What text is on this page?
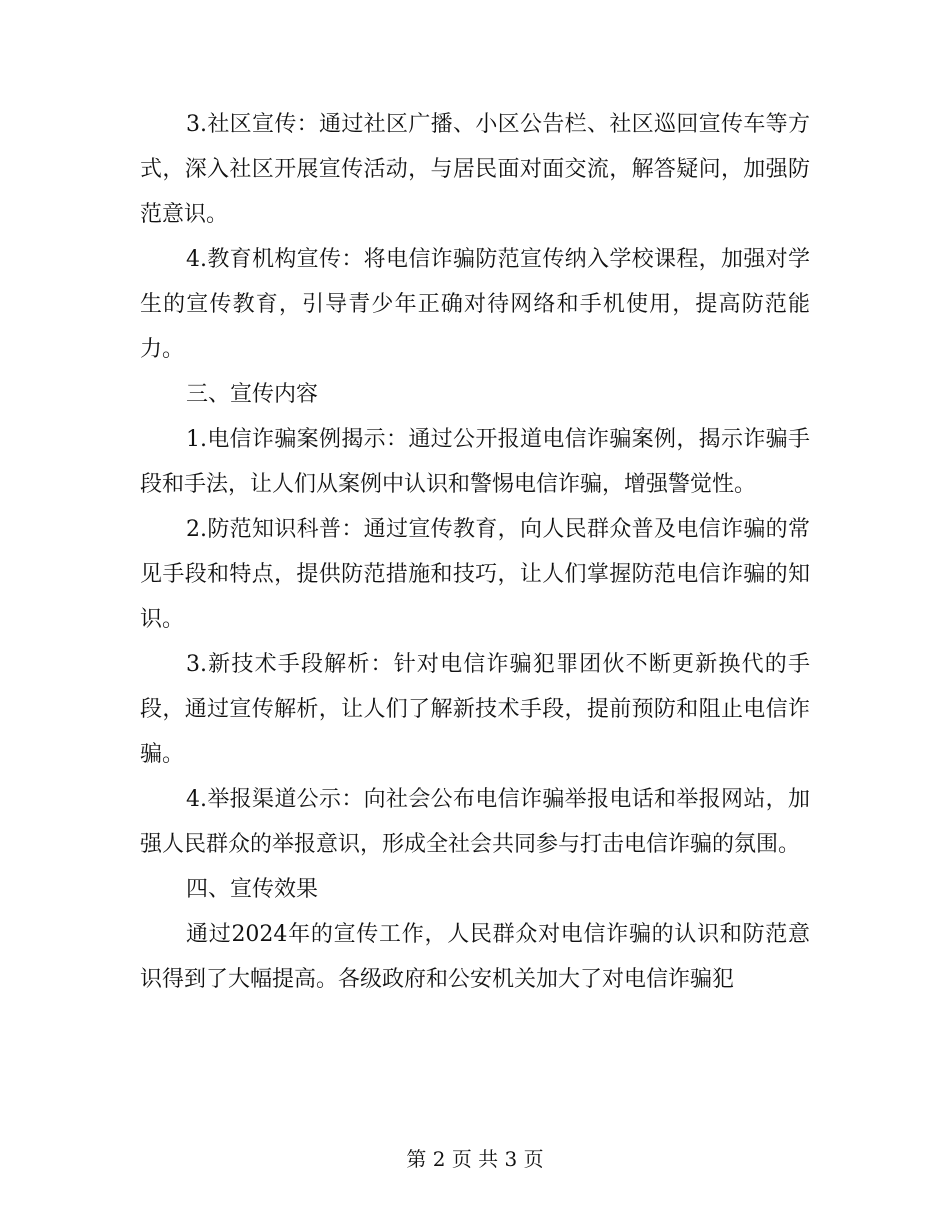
3.社区宣传：通过社区广播、小区公告栏、社区巡回宣传车等方式，深入社区开展宣传活动，与居民面对面交流，解答疑问，加强防范意识。

4.教育机构宣传：将电信诈骗防范宣传纳入学校课程，加强对学生的宣传教育，引导青少年正确对待网络和手机使用，提高防范能力。

三、宣传内容

1.电信诈骗案例揭示：通过公开报道电信诈骗案例，揭示诈骗手段和手法，让人们从案例中认识和警惕电信诈骗，增强警觉性。

2.防范知识科普：通过宣传教育，向人民群众普及电信诈骗的常见手段和特点，提供防范措施和技巧，让人们掌握防范电信诈骗的知识。

3.新技术手段解析：针对电信诈骗犯罪团伙不断更新换代的手段，通过宣传解析，让人们了解新技术手段，提前预防和阻止电信诈骗。

4.举报渠道公示：向社会公布电信诈骗举报电话和举报网站，加强人民群众的举报意识，形成全社会共同参与打击电信诈骗的氛围。

四、宣传效果

通过2024年的宣传工作，人民群众对电信诈骗的认识和防范意识得到了大幅提高。各级政府和公安机关加大了对电信诈骗犯

第 2 页 共 3 页
